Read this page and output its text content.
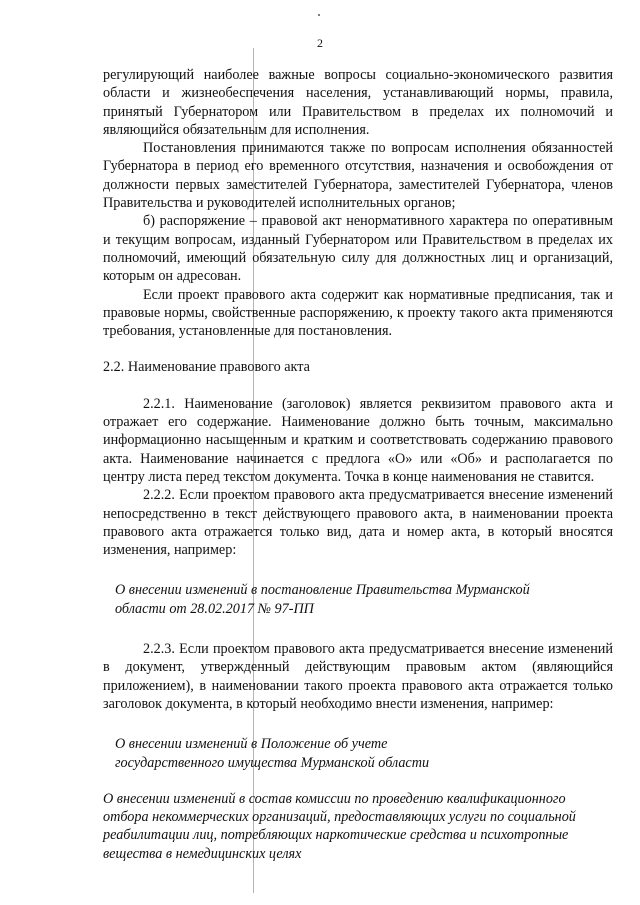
2

регулирующий наиболее важные вопросы социально-экономического развития области и жизнеобеспечения населения, устанавливающий нормы, правила, принятый Губернатором или Правительством в пределах их полномочий и являющийся обязательным для исполнения.

Постановления принимаются также по вопросам исполнения обязанностей Губернатора в период его временного отсутствия, назначения и освобождения от должности первых заместителей Губернатора, заместителей Губернатора, членов Правительства и руководителей исполнительных органов;

б) распоряжение – правовой акт ненормативного характера по оперативным и текущим вопросам, изданный Губернатором или Правительством в пределах их полномочий, имеющий обязательную силу для должностных лиц и организаций, которым он адресован.

Если проект правового акта содержит как нормативные предписания, так и правовые нормы, свойственные распоряжению, к проекту такого акта применяются требования, установленные для постановления.

2.2. Наименование правового акта

2.2.1. Наименование (заголовок) является реквизитом правового акта и отражает его содержание. Наименование должно быть точным, максимально информационно насыщенным и кратким и соответствовать содержанию правового акта. Наименование начинается с предлога «О» или «Об» и располагается по центру листа перед текстом документа. Точка в конце наименования не ставится.

2.2.2. Если проектом правового акта предусматривается внесение изменений непосредственно в текст действующего правового акта, в наименовании проекта правового акта отражается только вид, дата и номер акта, в который вносятся изменения, например:

О внесении изменений в постановление Правительства Мурманской

области от 28.02.2017 № 97-ПП

2.2.3. Если проектом правового акта предусматривается внесение изменений в документ, утвержденный действующим правовым актом (являющийся приложением), в наименовании такого проекта правового акта отражается только заголовок документа, в который необходимо внести изменения, например:

О внесении изменений в Положение об учете

государственного имущества Мурманской области

О внесении изменений в состав комиссии по проведению квалификационного

отбора некоммерческих организаций, предоставляющих услуги по социальной

реабилитации лиц, потребляющих наркотические средства и психотропные

вещества в немедицинских целях
